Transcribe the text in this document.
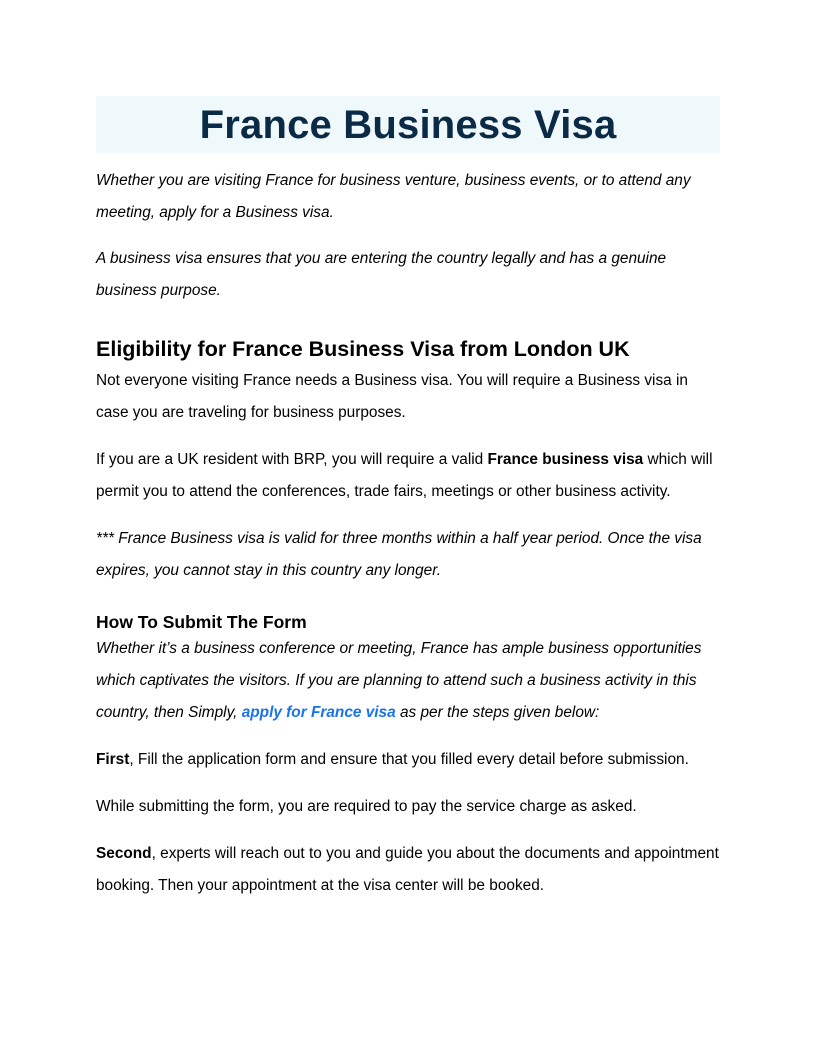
France Business Visa

Whether you are visiting France for business venture, business events, or to attend any meeting, apply for a Business visa.

A business visa ensures that you are entering the country legally and has a genuine business purpose.

Eligibility for France Business Visa from London UK

Not everyone visiting France needs a Business visa. You will require a Business visa in case you are traveling for business purposes.

If you are a UK resident with BRP, you will require a valid France business visa which will permit you to attend the conferences, trade fairs, meetings or other business activity.

*** France Business visa is valid for three months within a half year period. Once the visa expires, you cannot stay in this country any longer.

How To Submit The Form

Whether it’s a business conference or meeting, France has ample business opportunities which captivates the visitors. If you are planning to attend such a business activity in this country, then Simply, apply for France visa as per the steps given below:

First, Fill the application form and ensure that you filled every detail before submission.

While submitting the form, you are required to pay the service charge as asked.

Second, experts will reach out to you and guide you about the documents and appointment booking. Then your appointment at the visa center will be booked.
